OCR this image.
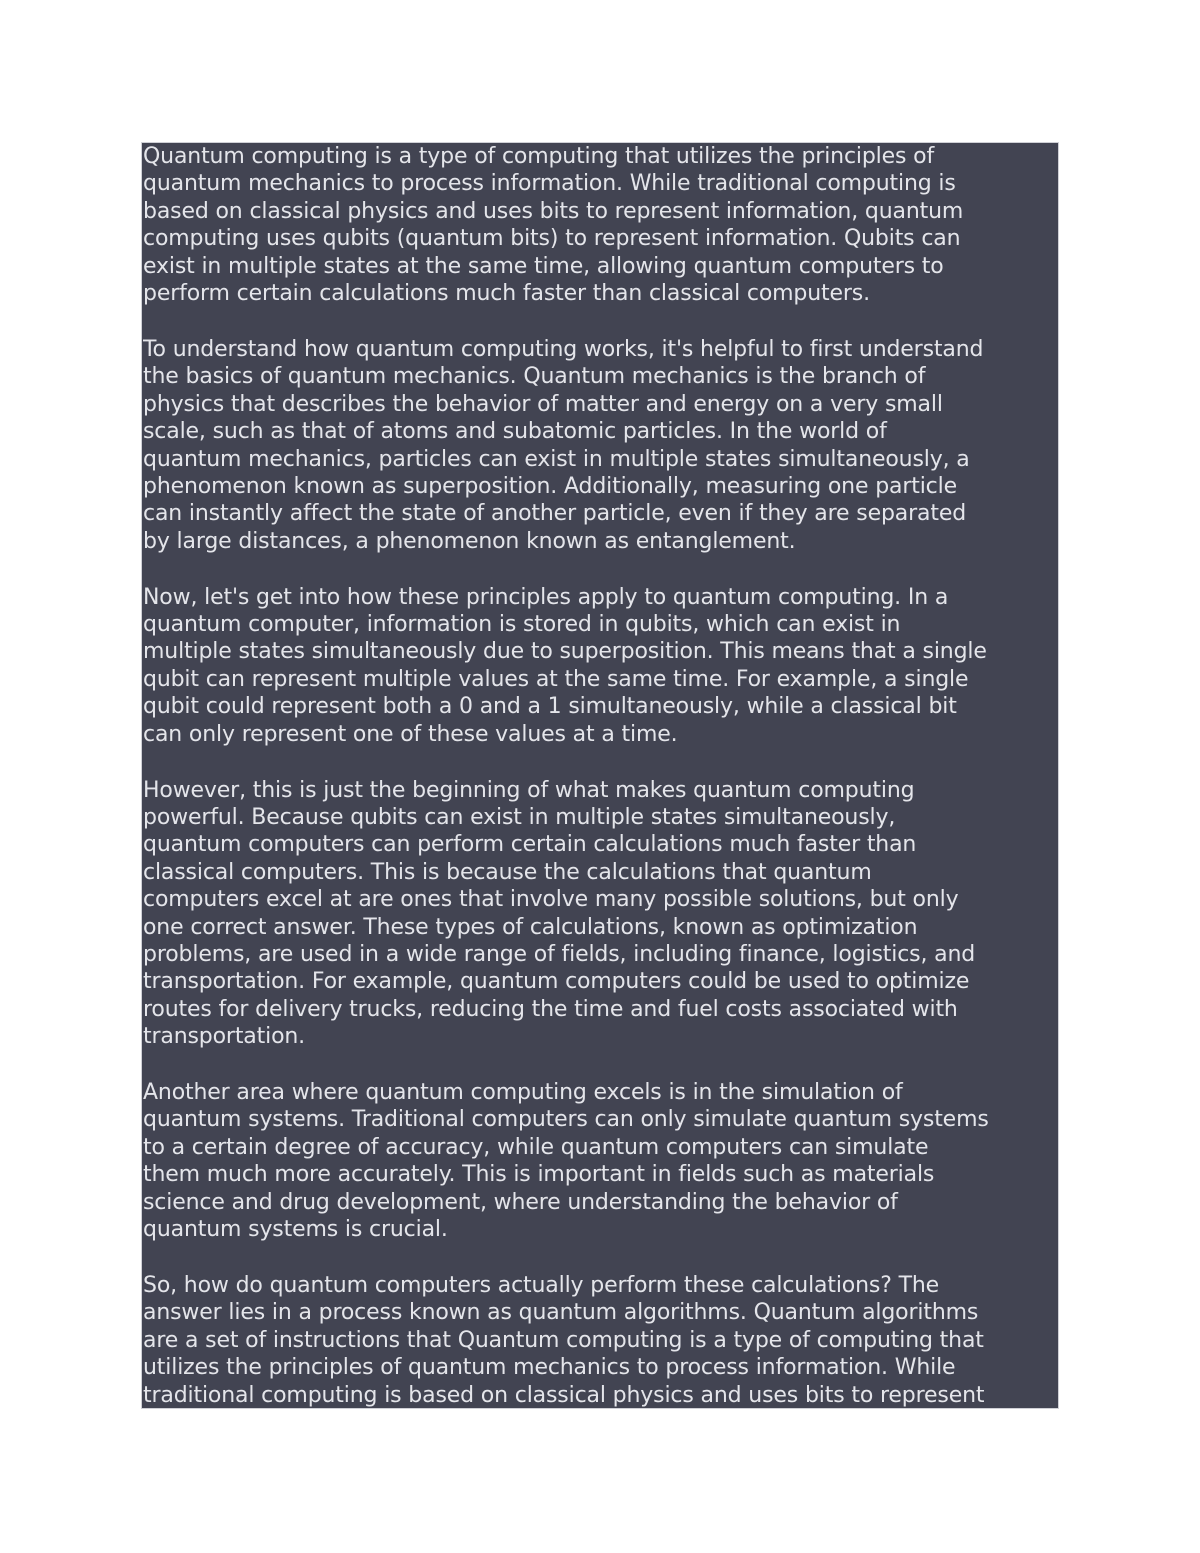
Quantum computing is a type of computing that utilizes the principles of
quantum mechanics to process information. While traditional computing is
based on classical physics and uses bits to represent information, quantum
computing uses qubits (quantum bits) to represent information. Qubits can
exist in multiple states at the same time, allowing quantum computers to
perform certain calculations much faster than classical computers.
To understand how quantum computing works, it's helpful to first understand
the basics of quantum mechanics. Quantum mechanics is the branch of
physics that describes the behavior of matter and energy on a very small
scale, such as that of atoms and subatomic particles. In the world of
quantum mechanics, particles can exist in multiple states simultaneously, a
phenomenon known as superposition. Additionally, measuring one particle
can instantly affect the state of another particle, even if they are separated
by large distances, a phenomenon known as entanglement.
Now, let's get into how these principles apply to quantum computing. In a
quantum computer, information is stored in qubits, which can exist in
multiple states simultaneously due to superposition. This means that a single
qubit can represent multiple values at the same time. For example, a single
qubit could represent both a 0 and a 1 simultaneously, while a classical bit
can only represent one of these values at a time.
However, this is just the beginning of what makes quantum computing
powerful. Because qubits can exist in multiple states simultaneously,
quantum computers can perform certain calculations much faster than
classical computers. This is because the calculations that quantum
computers excel at are ones that involve many possible solutions, but only
one correct answer. These types of calculations, known as optimization
problems, are used in a wide range of fields, including finance, logistics, and
transportation. For example, quantum computers could be used to optimize
routes for delivery trucks, reducing the time and fuel costs associated with
transportation.
Another area where quantum computing excels is in the simulation of
quantum systems. Traditional computers can only simulate quantum systems
to a certain degree of accuracy, while quantum computers can simulate
them much more accurately. This is important in fields such as materials
science and drug development, where understanding the behavior of
quantum systems is crucial.
So, how do quantum computers actually perform these calculations? The
answer lies in a process known as quantum algorithms. Quantum algorithms
are a set of instructions that Quantum computing is a type of computing that
utilizes the principles of quantum mechanics to process information. While
traditional computing is based on classical physics and uses bits to represent
